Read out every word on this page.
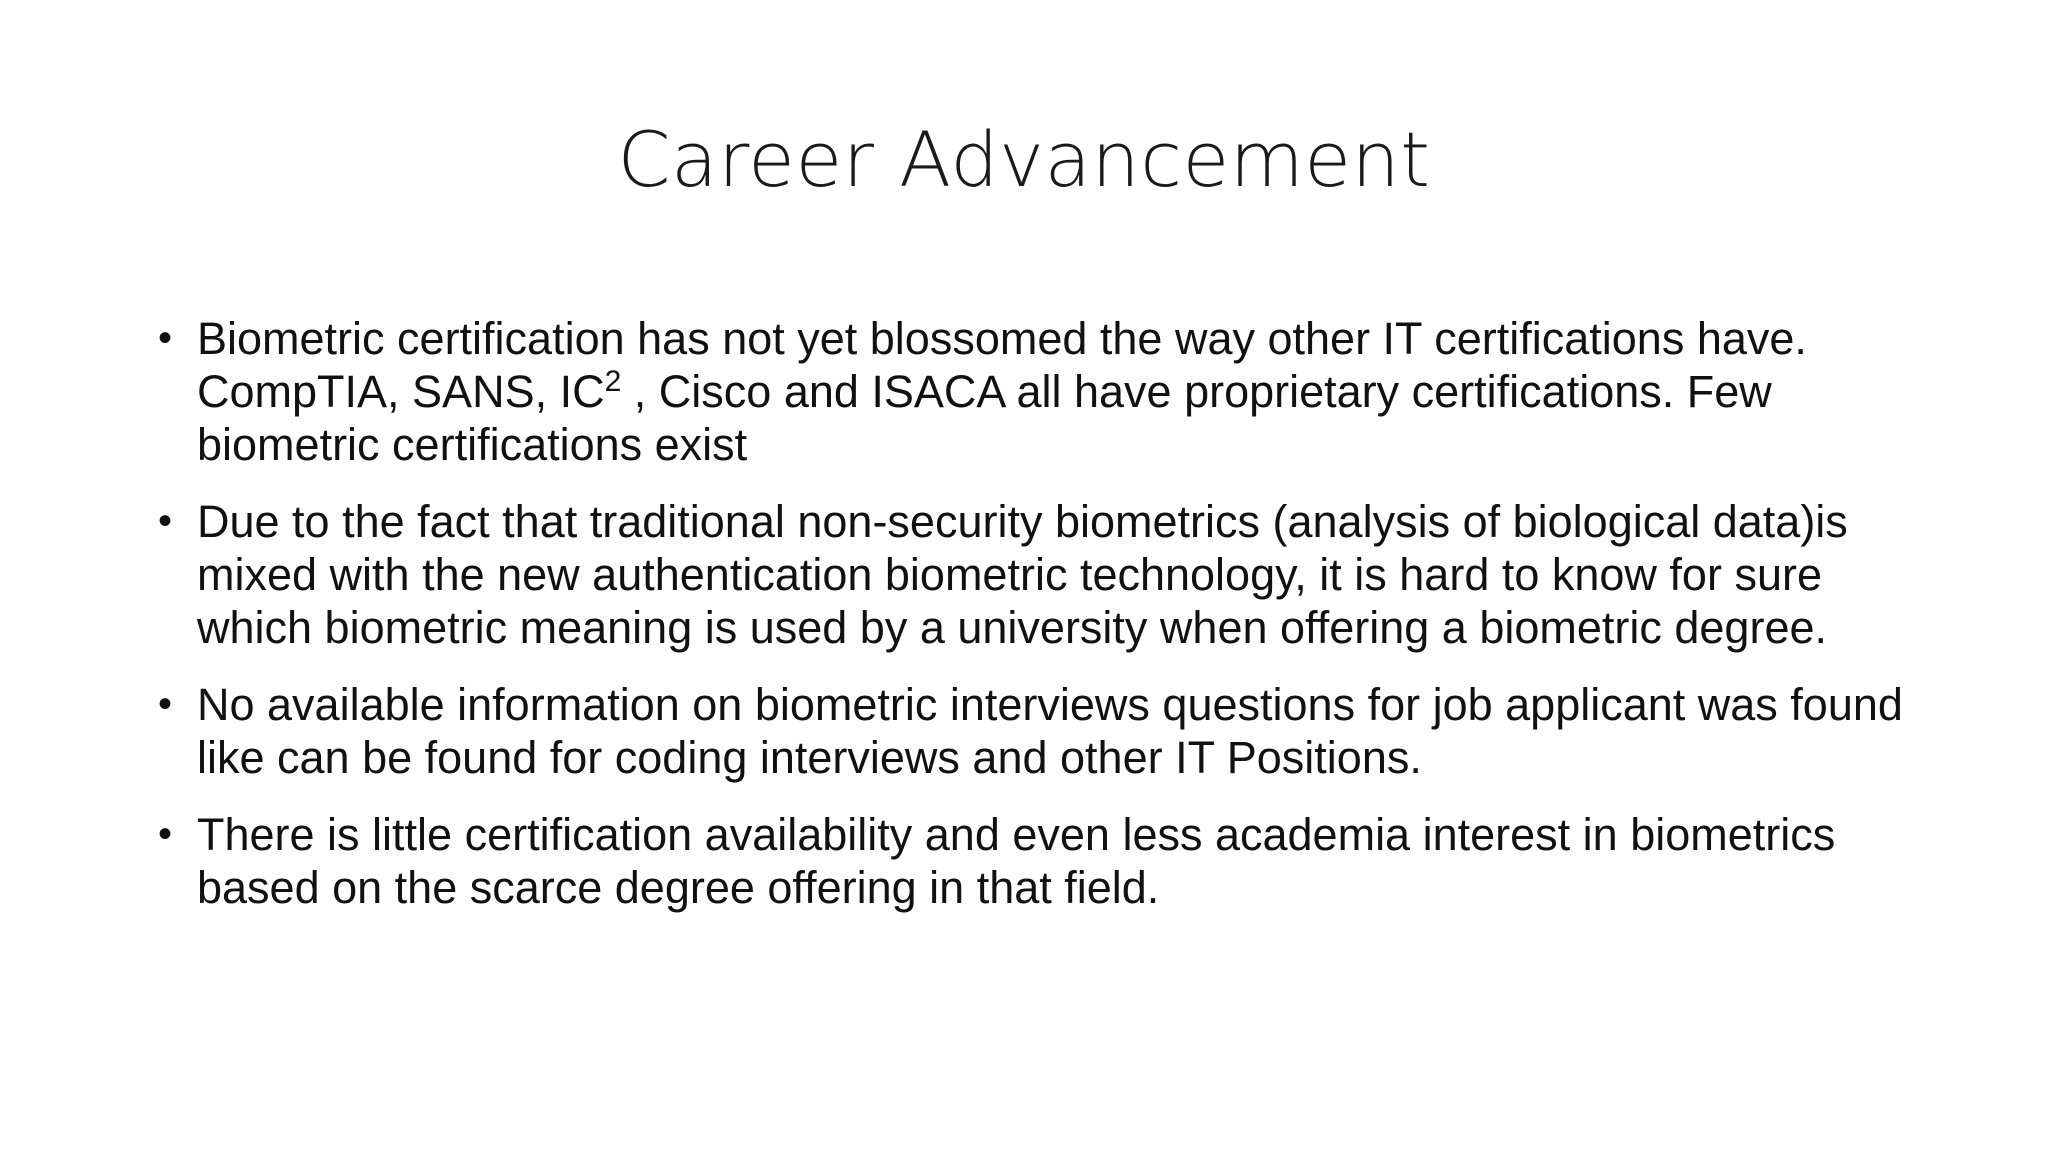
Career Advancement
• Biometric certification has not yet blossomed the way other IT certifications have. CompTIA, SANS, $IC^2$ , Cisco and ISACA all have proprietary certifications. Few biometric certifications exist
• Due to the fact that traditional non-security biometrics (analysis of biological data)is mixed with the new authentication biometric technology, it is hard to know for sure which biometric meaning is used by a university when offering a biometric degree.
• No available information on biometric interviews questions for job applicant was found like can be found for coding interviews and other IT Positions.
• There is little certification availability and even less academia interest in biometrics based on the scarce degree offering in that field.
